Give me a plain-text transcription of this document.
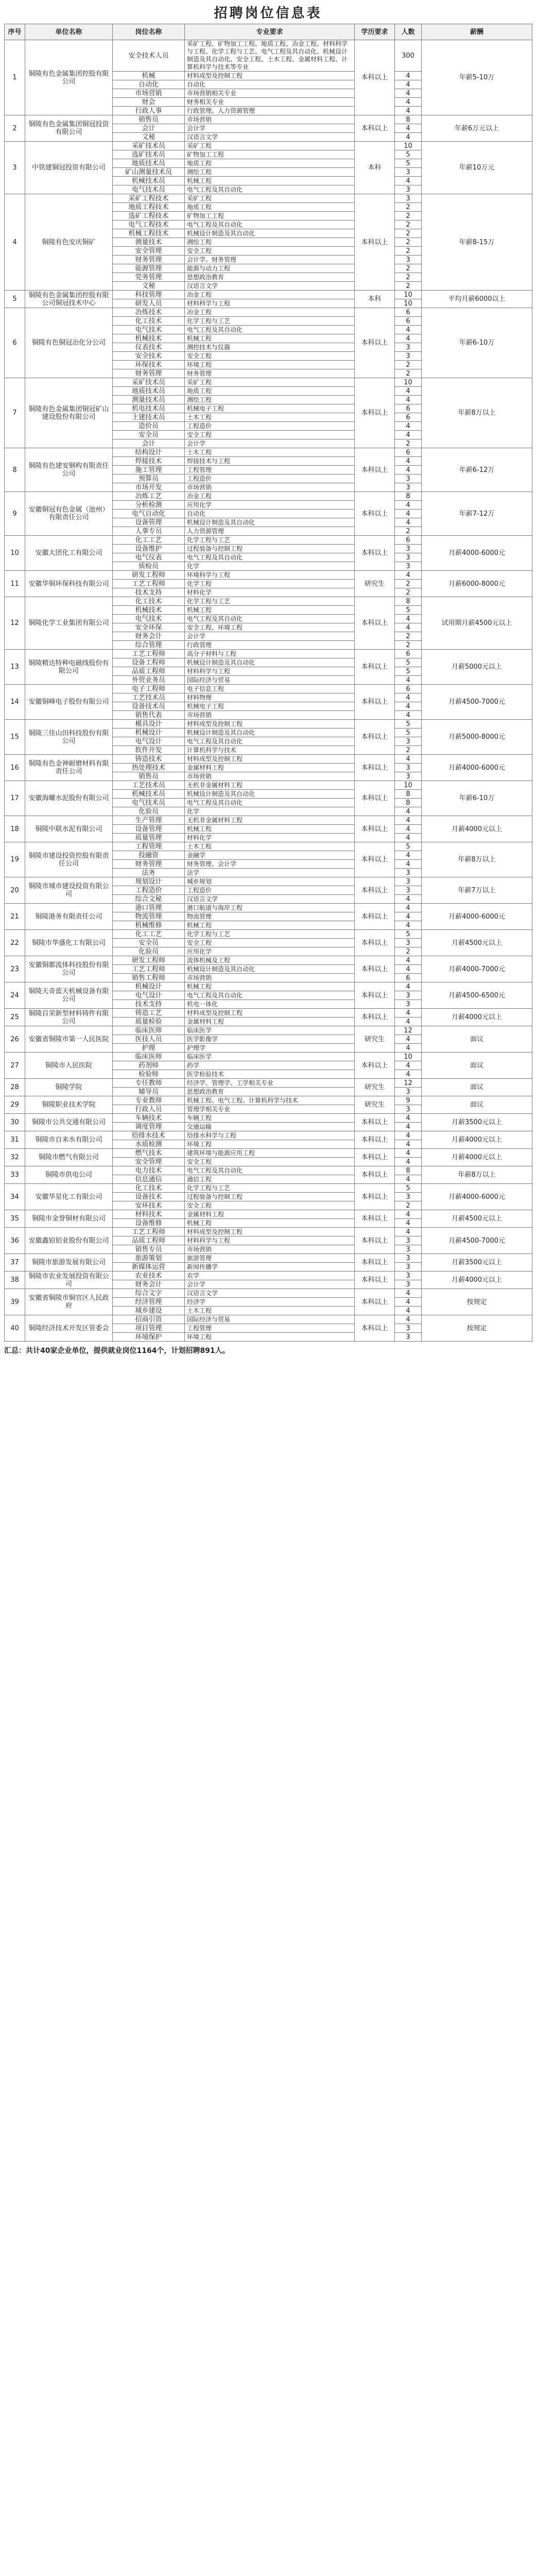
招聘岗位信息表
序号	单位名称	岗位名称	专业要求	学历要求	人数	薪酬
1	铜陵有色金属集团控股有限公司	安全技术人员	采矿工程、矿物加工工程、地质工程、冶金工程、材料科学与工程、化学工程与工艺、电气工程及其自动化、机械设计制造及其自动化、安全工程、土木工程、金属材料工程、计算机科学与技术等专业	本科以上	300	年薪5-10万
		机械	材料成型及控制工程		4	
		自动化	自动化		4	
		市场营销	市场营销相关专业		4	
		财会	财务相关专业		4	
		行政人事	行政管理、人力资源管理		4	
2	铜陵有色金属集团铜冠投资有限公司	销售员	市场营销	本科以上	8	年薪6万元以上
		会计	会计学		4	
		文秘	汉语言文学		4	
3	中铁建铜冠投资有限公司	采矿技术员	采矿工程	本科	10	年薪10万元
		选矿技术员	矿物加工工程		5	
		地质技术员	地质工程		5	
		矿山测量技术员	测绘工程		3	
		机械技术员	机械工程		4	
		电气技术员	电气工程及其自动化		3	
4	铜陵有色安庆铜矿	采矿工程技术	采矿工程	本科以上	3	年薪8-15万
		地质工程技术	地质工程		2	
		选矿工程技术	矿物加工工程		2	
		电气工程技术	电气工程及其自动化		2	
		机械工程技术	机械设计制造及其自动化		2	
		测量技术	测绘工程		2	
		安全管理	安全工程		2	
		财务管理	会计学、财务管理		3	
		能源管理	能源与动力工程		2	
		党务管理	思想政治教育		2	
		文秘	汉语言文学		2	
5	铜陵有色金属集团控股有限公司铜冠技术中心	科技管理	冶金工程	本科	10	平均月薪6000以上
		研发人员	材料科学与工程		10	
6	铜陵有色铜冠冶化分公司	冶炼技术	冶金工程	本科以上	6	年薪6-10万
		化工技术	化学工程与工艺		6	
		电气技术	电气工程及其自动化		4	
		机械技术	机械工程		4	
		仪表技术	测控技术与仪器		3	
		安全技术	安全工程		3	
		环保技术	环境工程		2	
		财务管理	财务管理		2	
7	铜陵有色金属集团铜冠矿山建设股份有限公司	采矿技术员	采矿工程	本科以上	10	年薪8万以上
		地质技术员	地质工程		4	
		测量技术员	测绘工程		4	
		机电技术员	机械电子工程		6	
		土建技术员	土木工程		6	
		造价员	工程造价		4	
		安全员	安全工程		4	
		会计	会计学		2	
8	铜陵有色建安钢构有限责任公司	结构设计	土木工程	本科以上	6	年薪6-12万
		焊接技术	焊接技术与工程		4	
		施工管理	工程管理		4	
		预算员	工程造价		3	
		市场开发	市场营销		3	
9	安徽铜冠有色金属（池州）有限责任公司	冶炼工艺	冶金工程	本科以上	8	年薪7-12万
		分析检测	应用化学		4	
		电气自动化	自动化		4	
		设备管理	机械设计制造及其自动化		4	
		人事专员	人力资源管理		2	
10	安徽大团化工有限公司	化工工艺	化学工程与工艺	本科以上	6	月薪4000-6000元
		设备维护	过程装备与控制工程		3	
		电气仪表	电气工程及其自动化		3	
		质检员	化学		3	
11	安徽华铜环保科技有限公司	研发工程师	环境科学与工程	研究生	4	月薪6000-8000元
		工艺工程师	化学工程		2	
		技术支持	材料化学		2	
12	铜陵化学工业集团有限公司	化工技术	化学工程与工艺	本科以上	8	试用期月薪4500元以上
		机械技术	机械工程		5	
		电气技术	电气工程及其自动化		4	
		安全环保	安全工程、环境工程		4	
		财务会计	会计学		2	
		综合管理	行政管理		2	
13	铜陵精达特种电磁线股份有限公司	工艺工程师	高分子材料与工程	本科以上	6	月薪5000元以上
		设备工程师	机械设计制造及其自动化		5	
		品质工程师	材料科学与工程		5	
		外贸业务员	国际经济与贸易		4	
14	安徽铜峰电子股份有限公司	电子工程师	电子信息工程	本科以上	6	月薪4500-7000元
		工艺技术员	材料物理		4	
		设备技术员	机械电子工程		4	
		销售代表	市场营销		4	
15	铜陵三佳山田科技股份有限公司	模具设计	材料成型及控制工程	本科以上	5	月薪5000-8000元
		机械设计	机械设计制造及其自动化		5	
		电气设计	电气工程及其自动化		3	
		软件开发	计算机科学与技术		2	
16	铜陵有色金神耐磨材料有限责任公司	铸造技术	材料成型及控制工程	本科以上	4	月薪4000-6000元
		热处理技术	金属材料工程		3	
		销售员	市场营销		3	
17	安徽海螺水泥股份有限公司	工艺技术员	无机非金属材料工程	本科以上	10	年薪6-10万
		机械技术员	机械设计制造及其自动化		8	
		电气技术员	电气工程及其自动化		8	
		化验员	化学		4	
18	铜陵中联水泥有限公司	生产管理	无机非金属材料工程	本科以上	4	月薪4000元以上
		设备管理	机械工程		4	
		质量管理	材料化学		4	
19	铜陵市建设投资控股有限责任公司	工程管理	土木工程	本科以上	5	年薪8万以上
		投融资	金融学		4	
		财务管理	财务管理、会计学		4	
		法务	法学		3	
20	铜陵市城市建设投资有限公司	规划设计	城乡规划	本科以上	3	年薪7万以上
		工程造价	工程造价		3	
		综合文秘	汉语言文学		4	
21	铜陵港务有限责任公司	港口管理	港口航道与海岸工程	本科以上	4	月薪4000-6000元
		物流管理	物流管理		4	
		机械维修	机械工程		4	
22	铜陵市华盛化工有限公司	化工工艺	化学工程与工艺	本科以上	5	月薪4500元以上
		安全员	安全工程		3	
		化验员	应用化学		2	
23	安徽铜都流体科技股份有限公司	研发工程师	流体机械及工程	本科以上	4	月薪4000-7000元
		工艺工程师	机械设计制造及其自动化		4	
		销售工程师	市场营销		6	
24	铜陵天奇蓝天机械设备有限公司	机械设计	机械工程	本科以上	4	月薪4500-6500元
		电气设计	电气工程及其自动化		3	
		技术支持	机电一体化		3	
25	铜陵百荣新型材料铸件有限公司	铸造工艺	材料成型及控制工程	本科以上	4	月薪4000元以上
		质量检验	金属材料工程		4	
26	安徽省铜陵市第一人民医院	临床医师	临床医学	研究生	12	面议
		医技人员	医学影像学		4	
		护理	护理学		4	
27	铜陵市人民医院	临床医师	临床医学	本科以上	10	面议
		药剂师	药学		4	
		检验师	医学检验技术		4	
28	铜陵学院	专任教师	经济学、管理学、工学相关专业	研究生	12	面议
		辅导员	思想政治教育		3	
29	铜陵职业技术学院	专业教师	机械工程、电气工程、计算机科学与技术	研究生	9	面议
		行政人员	管理学相关专业		3	
30	铜陵市公共交通有限公司	车辆技术	车辆工程	本科以上	4	月薪3500元以上
		调度管理	交通运输		4	
31	铜陵市自来水有限公司	给排水技术	给排水科学与工程	本科以上	4	月薪4000元以上
		水质检测	环境工程		4	
32	铜陵市燃气有限公司	燃气技术	建筑环境与能源应用工程	本科以上	4	月薪4000元以上
		安全管理	安全工程		4	
33	铜陵市供电公司	电力技术	电气工程及其自动化	本科以上	8	年薪8万以上
		信息通信	通信工程		4	
34	安徽华星化工有限公司	化工技术	化学工程与工艺	本科以上	5	月薪4000-6000元
		设备技术	过程装备与控制工程		3	
		安环技术	安全工程		2	
35	铜陵市金誉铜材有限公司	材料技术	金属材料工程	本科以上	4	月薪4500元以上
		设备维修	机械工程		4	
36	安徽鑫铂铝业股份有限公司	工艺工程师	材料成型及控制工程	本科以上	4	月薪4500-7000元
		品质工程师	材料科学与工程		3	
		销售专员	市场营销		3	
37	铜陵市旅游发展有限公司	旅游策划	旅游管理	本科以上	3	月薪3500元以上
		新媒体运营	新闻传播学		3	
38	铜陵市农业发展投资有限公司	农业技术	农学	本科以上	3	月薪4000元以上
		财务会计	会计学		3	
39	安徽省铜陵市铜官区人民政府	综合文字	汉语言文学	本科以上	4	按规定
		经济管理	经济学		4	
		城乡建设	土木工程		4	
40	铜陵经济技术开发区管委会	招商引资	国际经济与贸易	本科以上	4	按规定
		项目管理	工程管理		3	
		环境保护	环境工程		3	
汇总：共计40家企业单位，提供就业岗位1164个，计划招聘891人。
